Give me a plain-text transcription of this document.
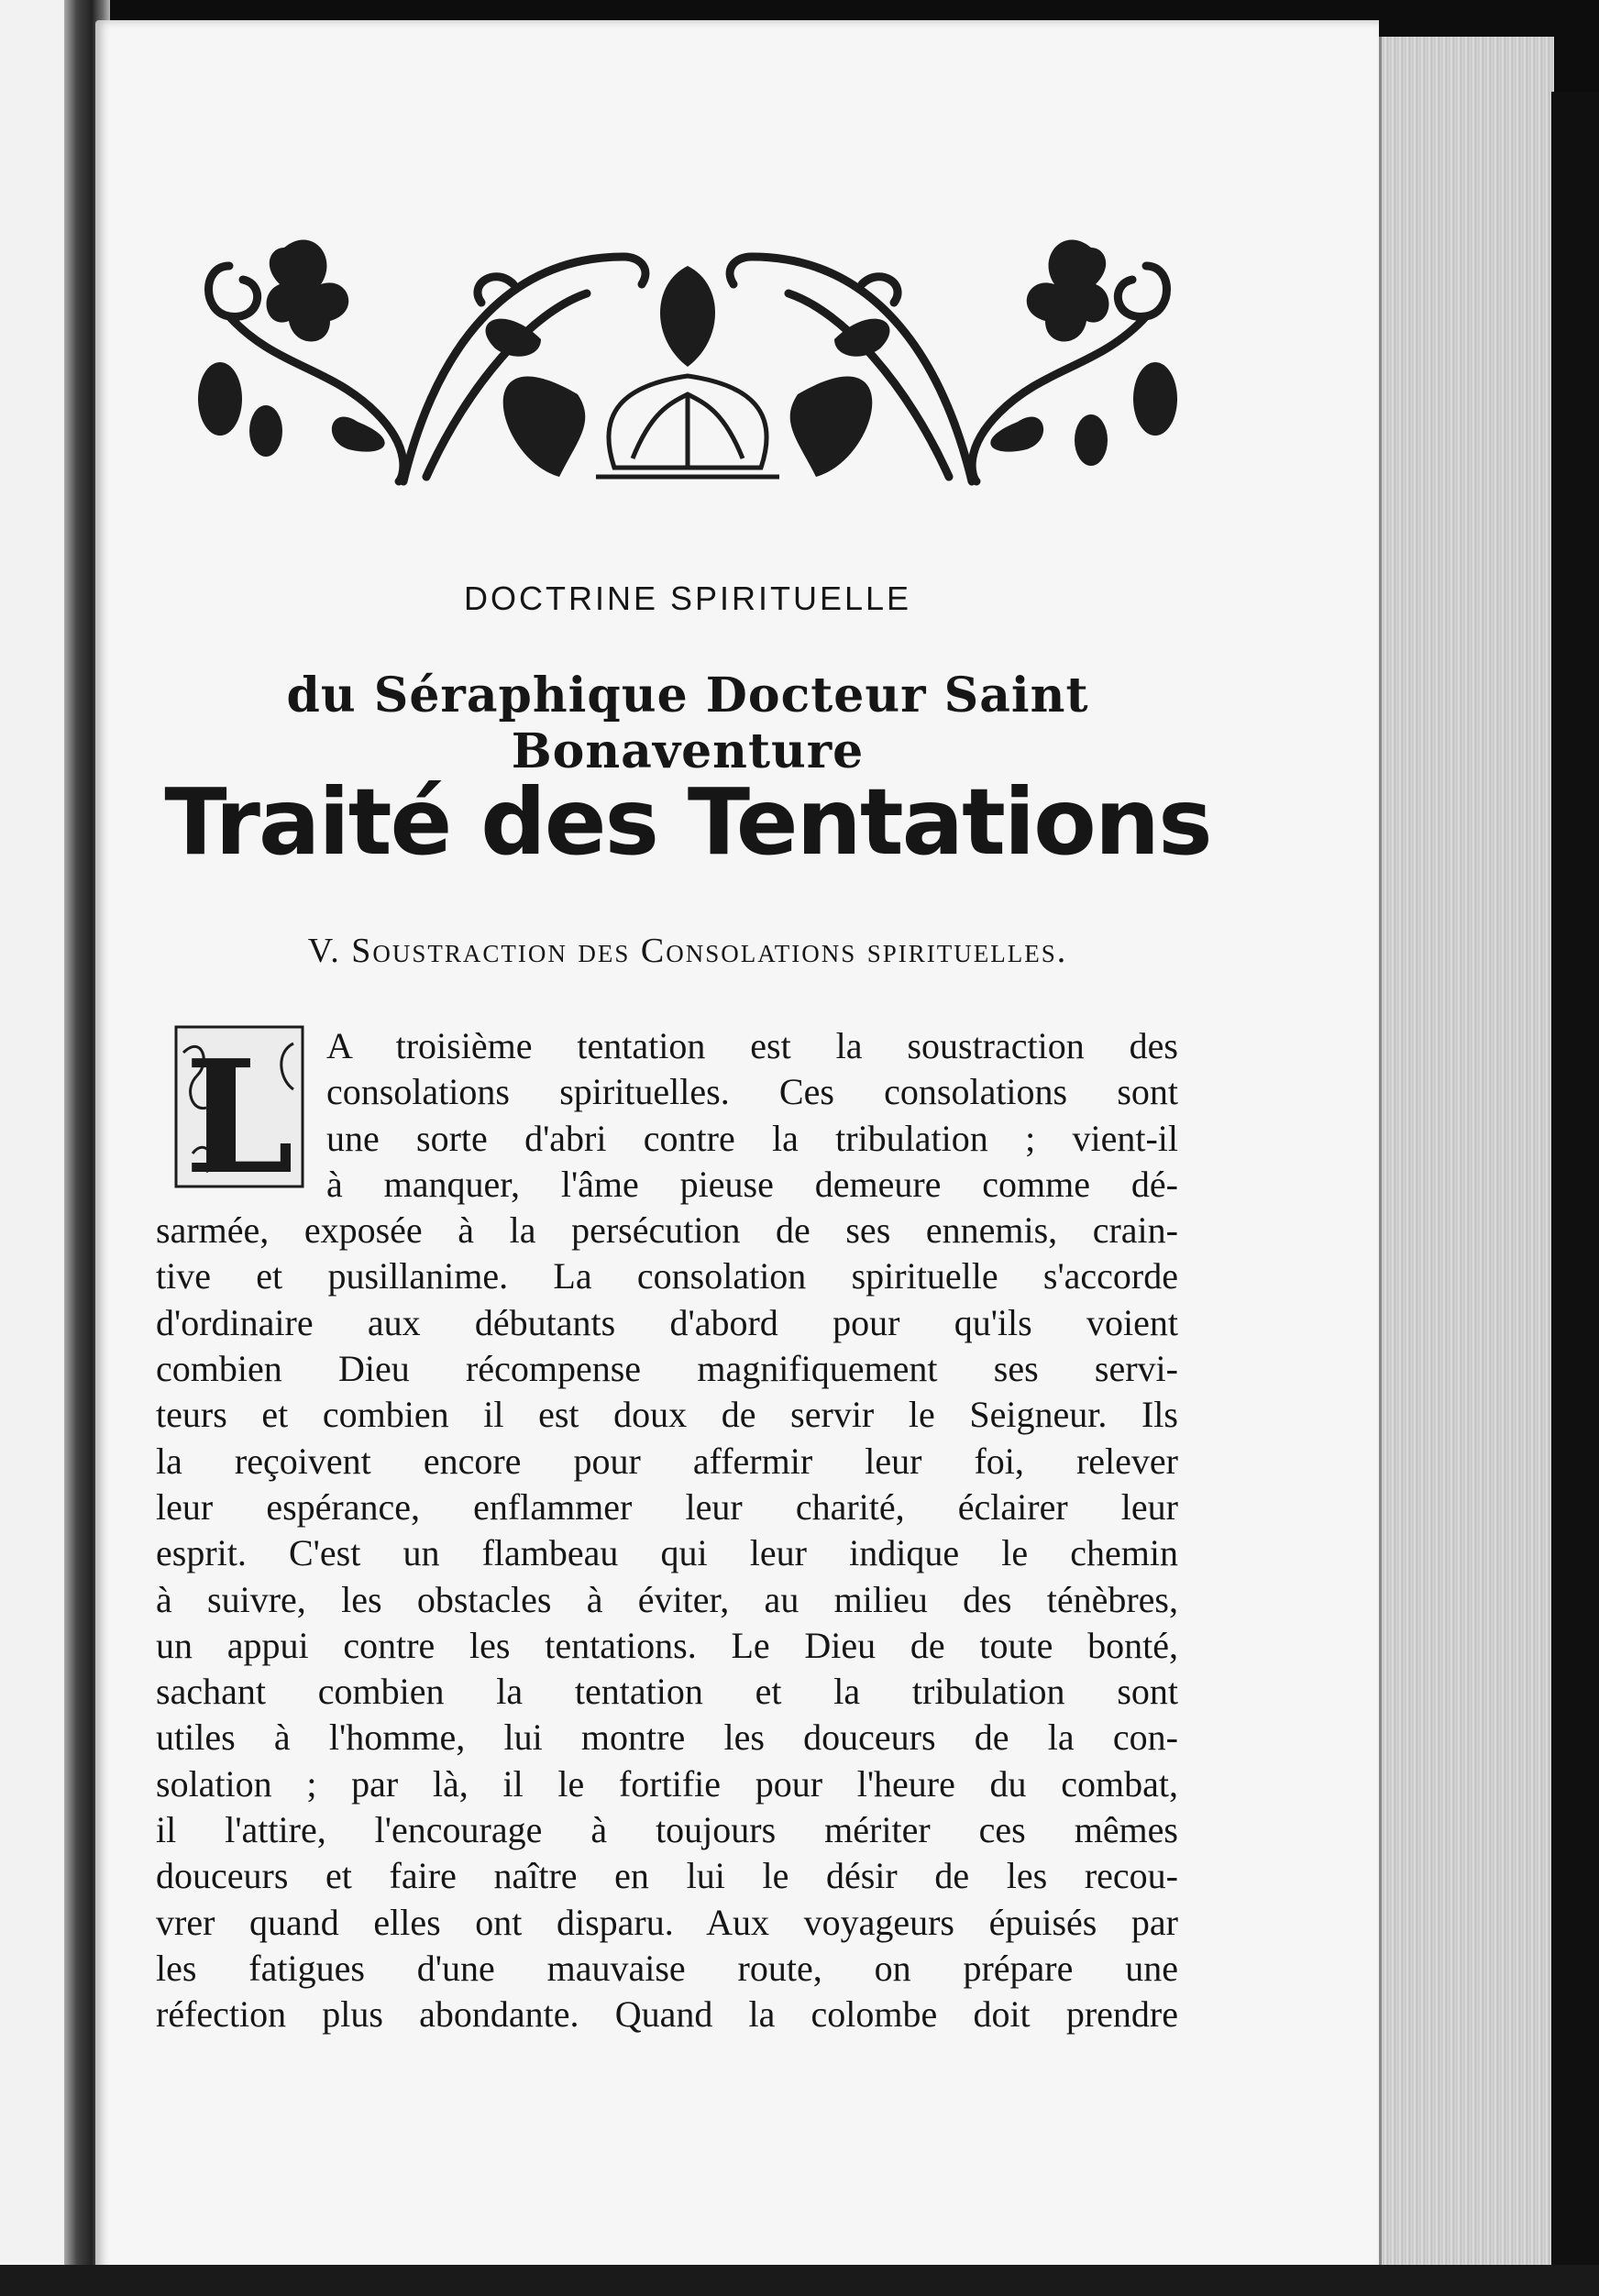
DOCTRINE SPIRITUELLE
du Séraphique Docteur Saint Bonaventure
Traité des Tentations
V. Soustraction des Consolations spirituelles.
L A troisième tentation est la soustraction des
consolations spirituelles. Ces consolations sont
une sorte d'abri contre la tribulation ; vient-il
à manquer, l'âme pieuse demeure comme dé-
sarmée, exposée à la persécution de ses ennemis, crain-
tive et pusillanime. La consolation spirituelle s'accorde
d'ordinaire aux débutants d'abord pour qu'ils voient
combien Dieu récompense magnifiquement ses servi-
teurs et combien il est doux de servir le Seigneur. Ils
la reçoivent encore pour affermir leur foi, relever
leur espérance, enflammer leur charité, éclairer leur
esprit. C'est un flambeau qui leur indique le chemin
à suivre, les obstacles à éviter, au milieu des ténèbres,
un appui contre les tentations. Le Dieu de toute bonté,
sachant combien la tentation et la tribulation sont
utiles à l'homme, lui montre les douceurs de la con-
solation ; par là, il le fortifie pour l'heure du combat,
il l'attire, l'encourage à toujours mériter ces mêmes
douceurs et faire naître en lui le désir de les recou-
vrer quand elles ont disparu. Aux voyageurs épuisés par
les fatigues d'une mauvaise route, on prépare une
réfection plus abondante. Quand la colombe doit prendre
